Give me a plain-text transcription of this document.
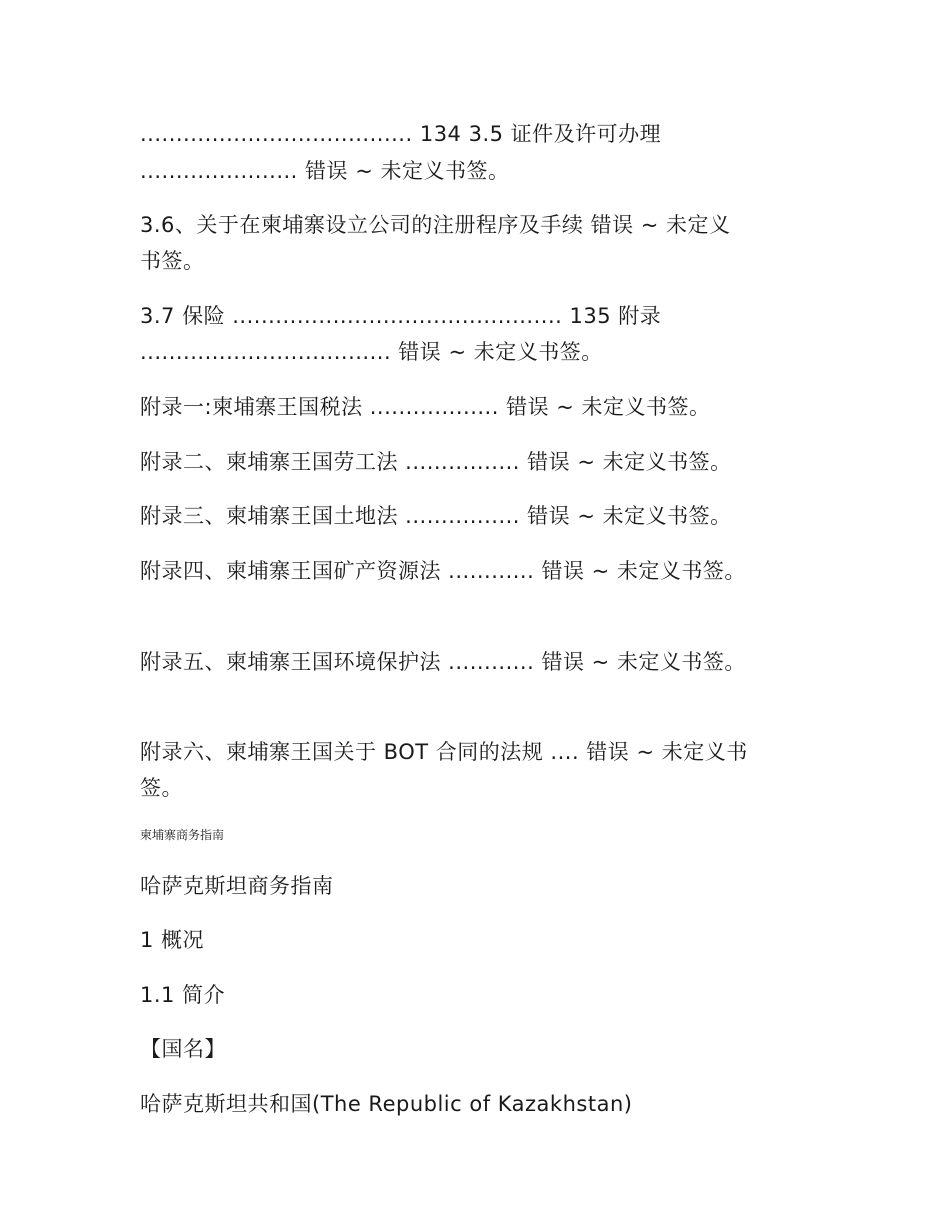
...................................... 134 3.5 证件及许可办理
...................... 错误 ~ 未定义书签。
3.6、关于在柬埔寨设立公司的注册程序及手续 错误 ~ 未定义
书签。
3.7 保险 .............................................. 135 附录
................................... 错误 ~ 未定义书签。
附录一:柬埔寨王国税法 .................. 错误 ~ 未定义书签。
附录二、柬埔寨王国劳工法 ................ 错误 ~ 未定义书签。
附录三、柬埔寨王国土地法 ................ 错误 ~ 未定义书签。
附录四、柬埔寨王国矿产资源法 ............ 错误 ~ 未定义书签。
附录五、柬埔寨王国环境保护法 ............ 错误 ~ 未定义书签。
附录六、柬埔寨王国关于 BOT 合同的法规 .... 错误 ~ 未定义书
签。
柬埔寨商务指南
哈萨克斯坦商务指南
1 概况
1.1 简介
【国名】
哈萨克斯坦共和国(The Republic of Kazakhstan)
